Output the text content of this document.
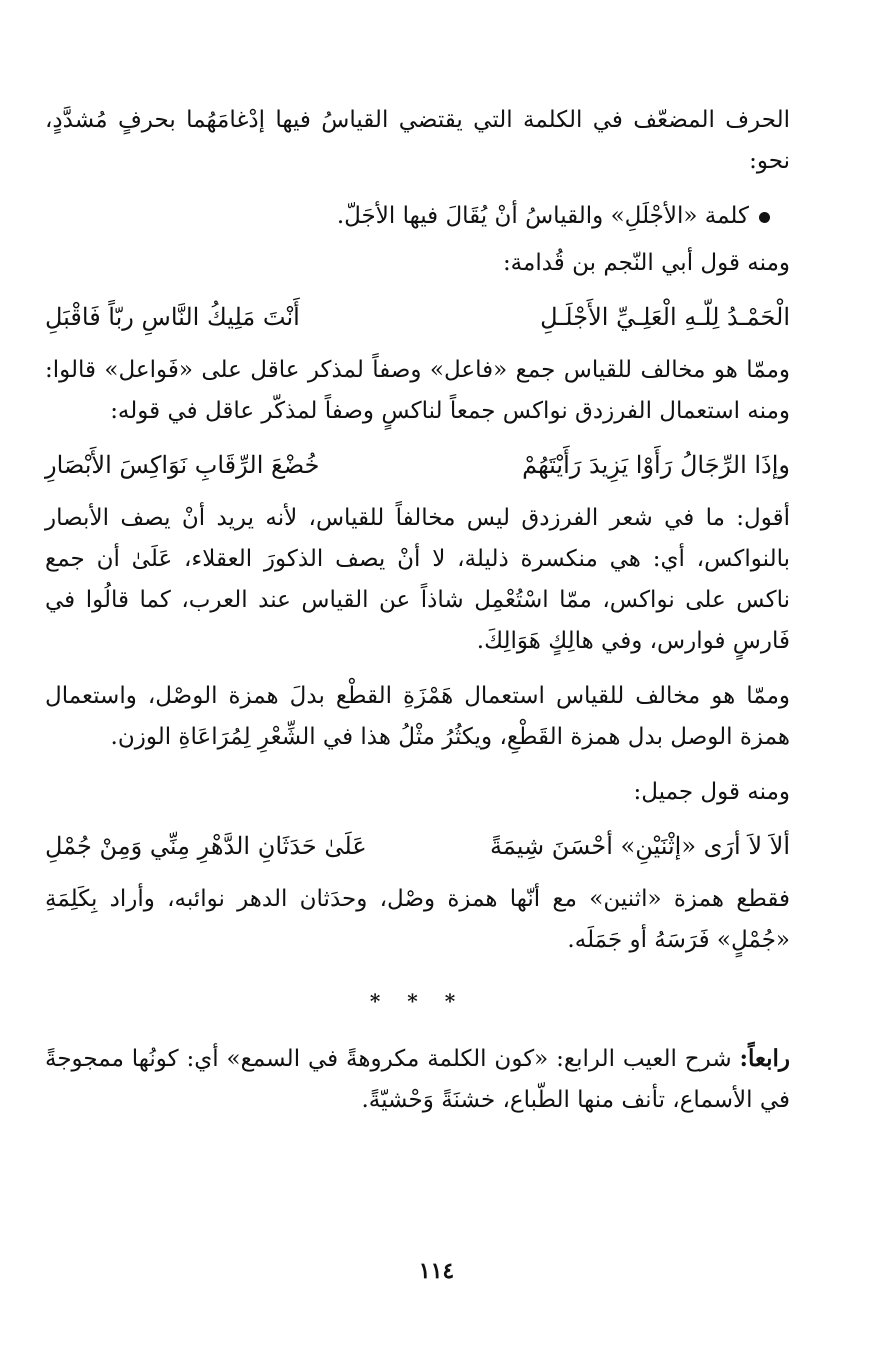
الحرف المضعّف في الكلمة التي يقتضي القياسُ فيها إدْغامَهُما بحرفٍ مُشدَّدٍ، نحو:

كلمة «الأجْلَلِ» والقياسُ أنْ يُقَالَ فيها الأجَلّ.

ومنه قول أبي النّجم بن قُدامة:

الْحَمْـدُ لِلّـهِ الْعَلِـيِّ الأَجْلَـلِ
أَنْتَ مَلِيكُ النَّاسِ ربّاً فَاقْبَلِ

وممّا هو مخالف للقياس جمع «فاعل» وصفاً لمذكر عاقل على «فَواعل» قالوا: ومنه استعمال الفرزدق نواكس جمعاً لناكسٍ وصفاً لمذكّر عاقل في قوله:

وإذَا الرِّجَالُ رَأَوْا يَزِيدَ رَأَيْتَهُمْ
خُضْعَ الرِّقَابِ نَوَاكِسَ الأَبْصَارِ

أقول: ما في شعر الفرزدق ليس مخالفاً للقياس، لأنه يريد أنْ يصف الأبصار بالنواكس، أي: هي منكسرة ذليلة، لا أنْ يصف الذكورَ العقلاء، عَلَىٰ أن جمع ناكس على نواكس، ممّا اسْتُعْمِل شاذاً عن القياس عند العرب، كما قالُوا في فَارسٍ فوارس، وفي هالِكٍ هَوَالِكَ.

وممّا هو مخالف للقياس استعمال هَمْزَةِ القطْع بدلَ همزة الوصْل، واستعمال همزة الوصل بدل همزة القَطْعِ، ويكثُرُ مثْلُ هذا في الشِّعْرِ لِمُرَاعَاةِ الوزن.

ومنه قول جميل:

ألاَ لاَ أرَى «إثْنَيْنِ» أحْسَنَ شِيمَةً
عَلَىٰ حَدَثَانِ الدَّهْرِ مِنِّي وَمِنْ جُمْلِ

فقطع همزة «اثنين» مع أنّها همزة وصْل، وحدَثان الدهر نوائبه، وأراد بِكَلِمَةِ «جُمْلٍ» فَرَسَهُ أو جَمَلَه.

* * *

رابعاً: شرح العيب الرابع: «كون الكلمة مكروهةً في السمع» أي: كونُها ممجوجةً في الأسماع، تأنف منها الطّباع، خشنَةً وَحْشيّةً.

١١٤
